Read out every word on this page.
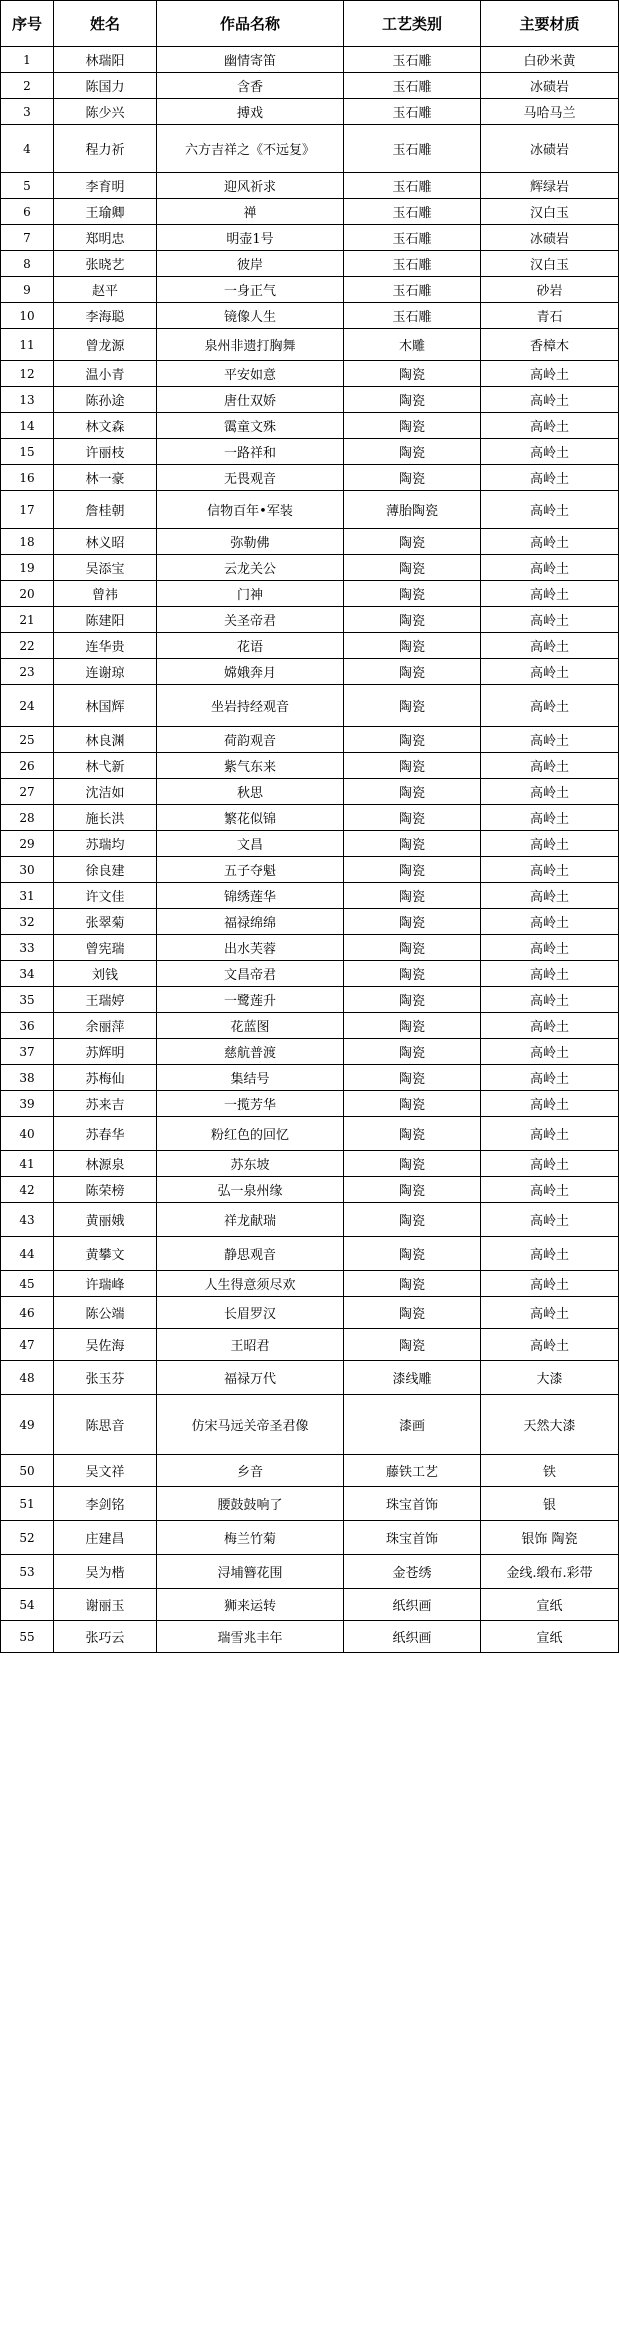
序号	姓名	作品名称	工艺类别	主要材质
1	林瑞阳	幽情寄笛	玉石雕	白砂米黄
2	陈国力	含香	玉石雕	冰碛岩
3	陈少兴	搏戏	玉石雕	马哈马兰
4	程力祈	六方吉祥之《不远复》	玉石雕	冰碛岩
5	李育明	迎风祈求	玉石雕	辉绿岩
6	王瑜卿	禅	玉石雕	汉白玉
7	郑明忠	明壶1号	玉石雕	冰碛岩
8	张晓艺	彼岸	玉石雕	汉白玉
9	赵平	一身正气	玉石雕	砂岩
10	李海聪	镜像人生	玉石雕	青石
11	曾龙源	泉州非遗打胸舞	木雕	香樟木
12	温小青	平安如意	陶瓷	高岭土
13	陈孙途	唐仕双娇	陶瓷	高岭土
14	林文森	霭童文殊	陶瓷	高岭土
15	许丽枝	一路祥和	陶瓷	高岭土
16	林一豪	无畏观音	陶瓷	高岭土
17	詹桂朝	信物百年•军装	薄胎陶瓷	高岭土
18	林义昭	弥勒佛	陶瓷	高岭土
19	吴添宝	云龙关公	陶瓷	高岭土
20	曾祎	门神	陶瓷	高岭土
21	陈建阳	关圣帝君	陶瓷	高岭土
22	连华贵	花语	陶瓷	高岭土
23	连谢琼	嫦娥奔月	陶瓷	高岭土
24	林国辉	坐岩持经观音	陶瓷	高岭土
25	林良渊	荷韵观音	陶瓷	高岭土
26	林弋新	紫气东来	陶瓷	高岭土
27	沈洁如	秋思	陶瓷	高岭土
28	施长洪	繁花似锦	陶瓷	高岭土
29	苏瑞均	文昌	陶瓷	高岭土
30	徐良建	五子夺魁	陶瓷	高岭土
31	许文佳	锦绣莲华	陶瓷	高岭土
32	张翠菊	福禄绵绵	陶瓷	高岭土
33	曾宪瑞	出水芙蓉	陶瓷	高岭土
34	刘钱	文昌帝君	陶瓷	高岭土
35	王瑞婷	一鹭莲升	陶瓷	高岭土
36	余丽萍	花蓝图	陶瓷	高岭土
37	苏辉明	慈航普渡	陶瓷	高岭土
38	苏梅仙	集结号	陶瓷	高岭土
39	苏来吉	一揽芳华	陶瓷	高岭土
40	苏春华	粉红色的回忆	陶瓷	高岭土
41	林源泉	苏东坡	陶瓷	高岭土
42	陈荣榜	弘一泉州缘	陶瓷	高岭土
43	黄丽娥	祥龙献瑞	陶瓷	高岭土
44	黄攀文	静思观音	陶瓷	高岭土
45	许瑞峰	人生得意须尽欢	陶瓷	高岭土
46	陈公端	长眉罗汉	陶瓷	高岭土
47	吴佐海	王昭君	陶瓷	高岭土
48	张玉芬	福禄万代	漆线雕	大漆
49	陈思音	仿宋马远关帝圣君像	漆画	天然大漆
50	吴文祥	乡音	藤铁工艺	铁
51	李剑铭	腰鼓鼓响了	珠宝首饰	银
52	庄建昌	梅兰竹菊	珠宝首饰	银饰 陶瓷
53	吴为楷	浔埔簪花围	金苍绣	金线.缎布.彩带
54	谢丽玉	狮来运转	纸织画	宣纸
55	张巧云	瑞雪兆丰年	纸织画	宣纸
